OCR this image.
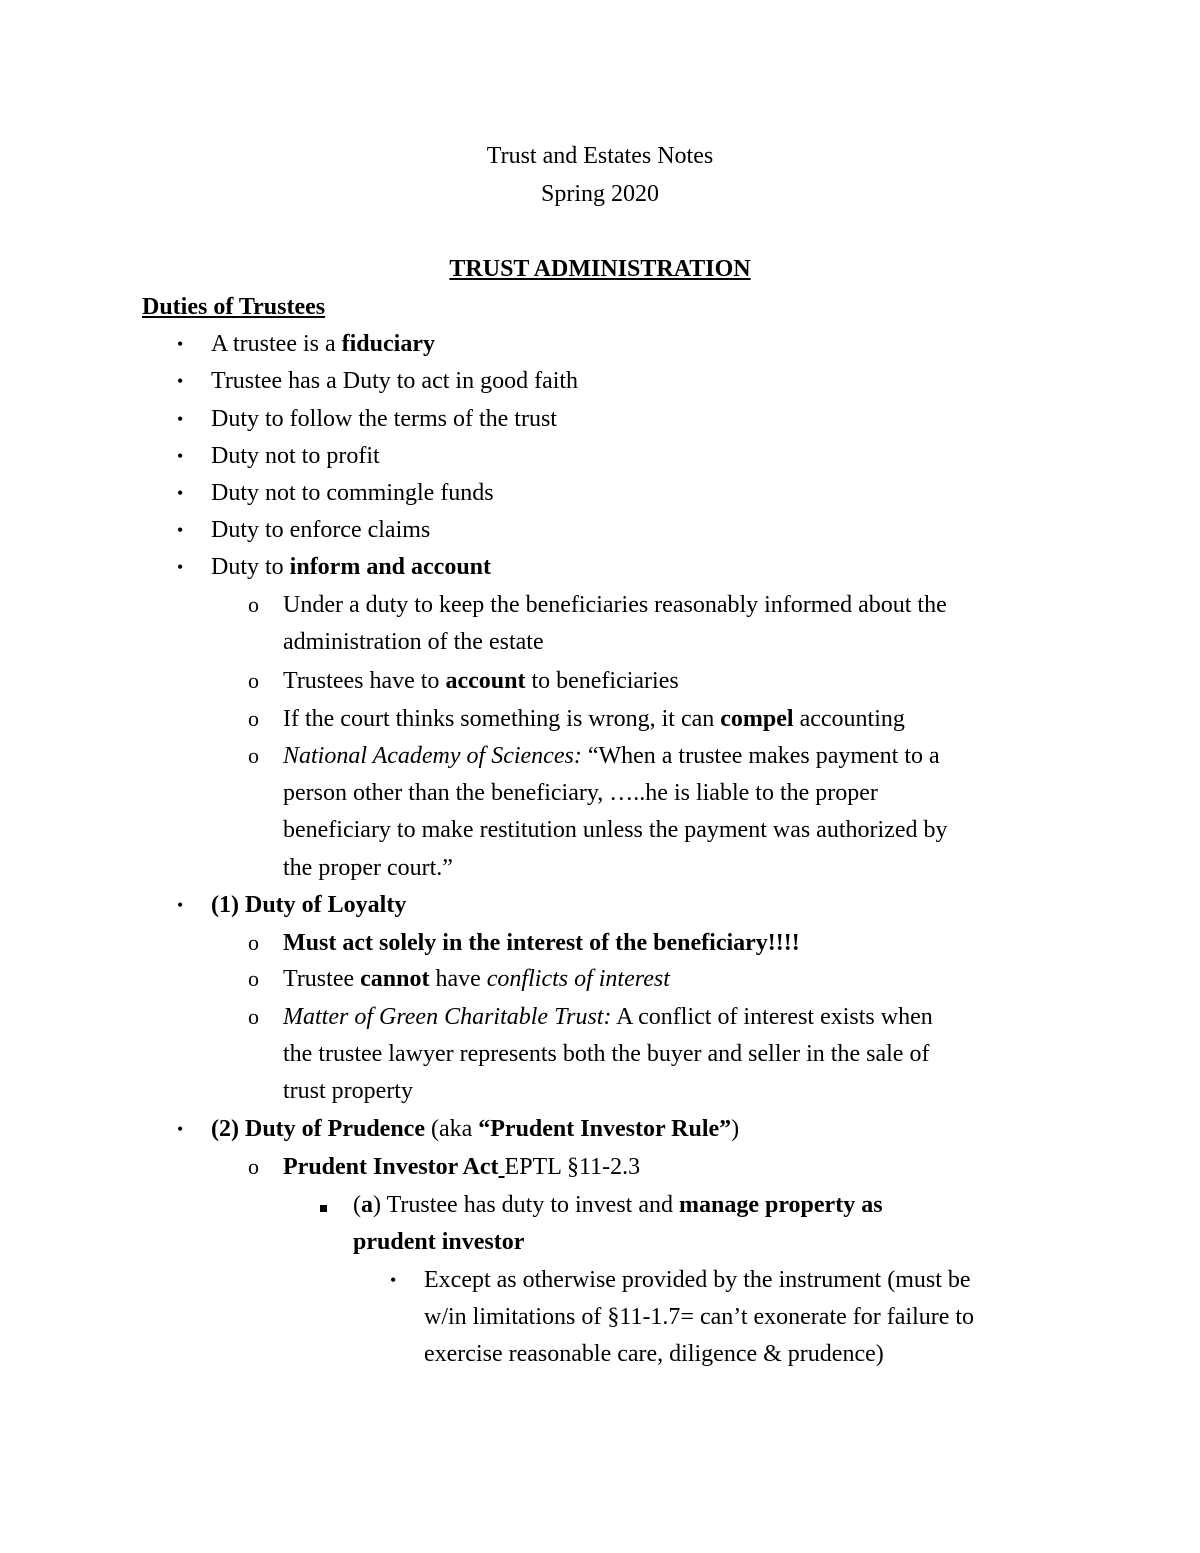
Trust and Estates Notes
Spring 2020
TRUST ADMINISTRATION
Duties of Trustees
• A trustee is a fiduciary
• Trustee has a Duty to act in good faith
• Duty to follow the terms of the trust
• Duty not to profit
• Duty not to commingle funds
• Duty to enforce claims
• Duty to inform and account
o Under a duty to keep the beneficiaries reasonably informed about the
administration of the estate
o Trustees have to account to beneficiaries
o If the court thinks something is wrong, it can compel accounting
o National Academy of Sciences: “When a trustee makes payment to a
person other than the beneficiary, …..he is liable to the proper
beneficiary to make restitution unless the payment was authorized by
the proper court.”
• (1) Duty of Loyalty
o Must act solely in the interest of the beneficiary!!!!
o Trustee cannot have conflicts of interest
o Matter of Green Charitable Trust: A conflict of interest exists when
the trustee lawyer represents both the buyer and seller in the sale of
trust property
• (2) Duty of Prudence (aka “Prudent Investor Rule”)
o Prudent Investor Act EPTL §11-2.3
(a) Trustee has duty to invest and manage property as
prudent investor
• Except as otherwise provided by the instrument (must be
w/in limitations of §11-1.7= can’t exonerate for failure to
exercise reasonable care, diligence & prudence)
